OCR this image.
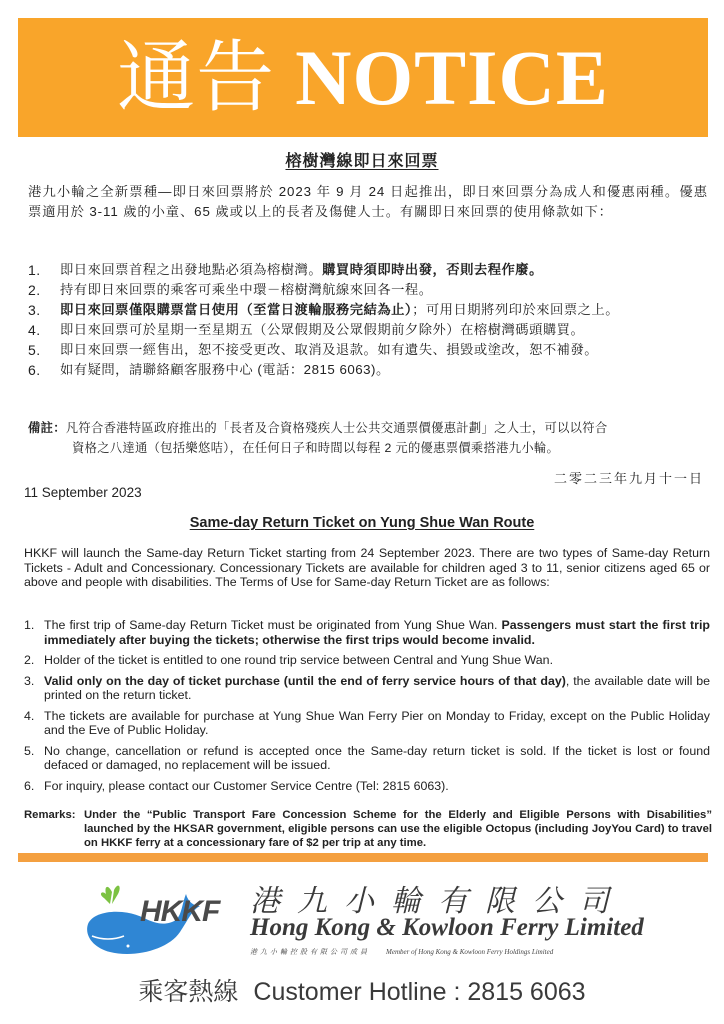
通告 NOTICE
榕樹灣線即日來回票
港九小輪之全新票種—即日來回票將於 2023 年 9 月 24 日起推出，即日來回票分為成人和優惠兩種。優惠票適用於 3-11 歲的小童、65 歲或以上的長者及傷健人士。有關即日來回票的使用條款如下：
1.	即日來回票首程之出發地點必須為榕樹灣。購買時須即時出發，否則去程作廢。
2.	持有即日來回票的乘客可乘坐中環－榕樹灣航線來回各一程。
3.	即日來回票僅限購票當日使用（至當日渡輪服務完結為止）；可用日期將列印於來回票之上。
4.	即日來回票可於星期一至星期五（公眾假期及公眾假期前夕除外）在榕樹灣碼頭購買。
5.	即日來回票一經售出，恕不接受更改、取消及退款。如有遺失、損毀或塗改，恕不補發。
6.	如有疑問，請聯絡顧客服務中心 (電話：2815 6063)。
備註：凡符合香港特區政府推出的「長者及合資格殘疾人士公共交通票價優惠計劃」之人士，可以以符合
資格之八達通（包括樂悠咭），在任何日子和時間以每程 2 元的優惠票價乘搭港九小輪。
二零二三年九月十一日
11 September 2023
Same-day Return Ticket on Yung Shue Wan Route
HKKF will launch the Same-day Return Ticket starting from 24 September 2023. There are two types of Same-day Return Tickets - Adult and Concessionary. Concessionary Tickets are available for children aged 3 to 11, senior citizens aged 65 or above and people with disabilities. The Terms of Use for Same-day Return Ticket are as follows:
1. The first trip of Same-day Return Ticket must be originated from Yung Shue Wan. Passengers must start the first trip immediately after buying the tickets; otherwise the first trips would become invalid.
2. Holder of the ticket is entitled to one round trip service between Central and Yung Shue Wan.
3. Valid only on the day of ticket purchase (until the end of ferry service hours of that day), the available date will be printed on the return ticket.
4. The tickets are available for purchase at Yung Shue Wan Ferry Pier on Monday to Friday, except on the Public Holiday and the Eve of Public Holiday.
5. No change, cancellation or refund is accepted once the Same-day return ticket is sold. If the ticket is lost or found defaced or damaged, no replacement will be issued.
6. For inquiry, please contact our Customer Service Centre (Tel: 2815 6063).
Remarks: Under the “Public Transport Fare Concession Scheme for the Elderly and Eligible Persons with Disabilities” launched by the HKSAR government, eligible persons can use the eligible Octopus (including JoyYou Card) to travel on HKKF ferry at a concessionary fare of $2 per trip at any time.
HKKF 港九小輪有限公司
Hong Kong & Kowloon Ferry Limited
港九小輪控股有限公司成員 Member of Hong Kong & Kowloon Ferry Holdings Limited
乘客熱線 Customer Hotline : 2815 6063
